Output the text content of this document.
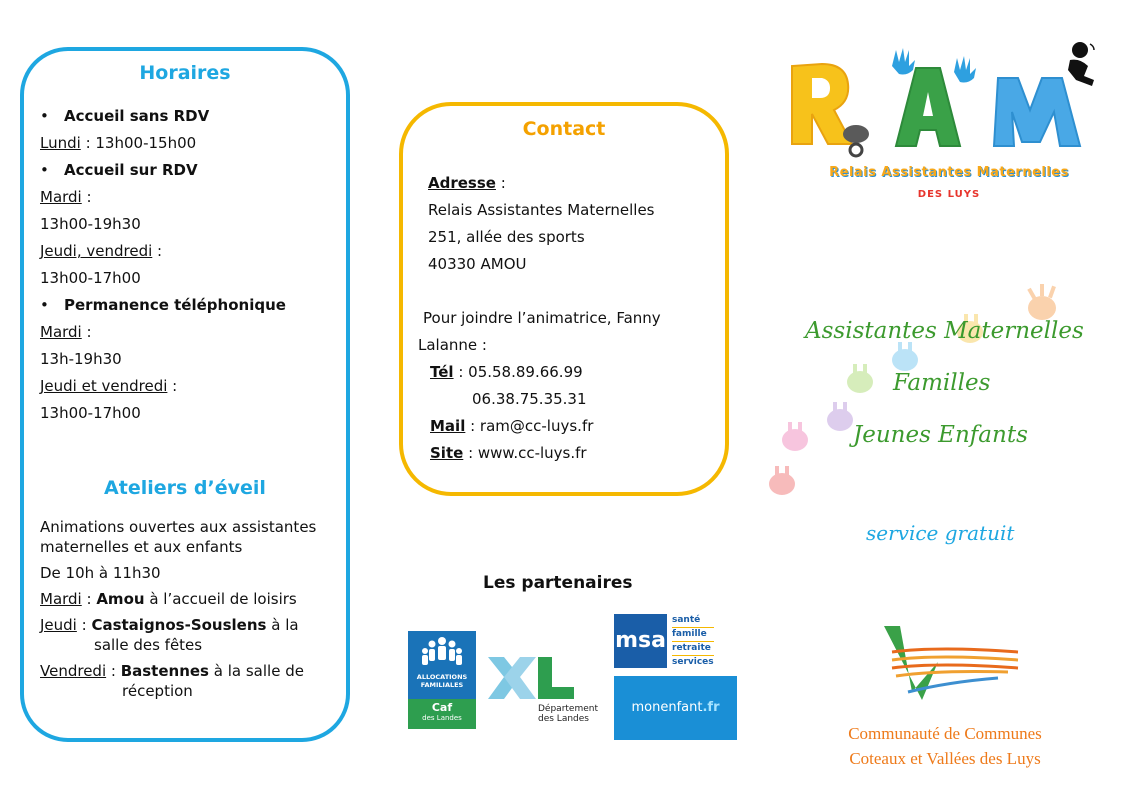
Horaires
• Accueil sans RDV
Lundi : 13h00-15h00
• Accueil sur RDV
Mardi :
13h00-19h30
Jeudi, vendredi :
13h00-17h00
• Permanence téléphonique
Mardi :
13h-19h30
Jeudi et vendredi :
13h00-17h00
Ateliers d’éveil
Animations ouvertes aux assistantes maternelles et aux enfants
De 10h à 11h30
Mardi : Amou à l’accueil de loisirs
Jeudi : Castaignos-Souslens à la
salle des fêtes
Vendredi : Bastennes à la salle de
réception
Contact
Adresse :
Relais Assistantes Maternelles
251, allée des sports
40330 AMOU
Pour joindre l’animatrice, Fanny
Lalanne :
Tél : 05.58.89.66.99
06.38.75.35.31
Mail : ram@cc-luys.fr
Site : www.cc-luys.fr
Les partenaires
ALLOCATIONS
FAMILIALES
Caf
des Landes
Département
des Landes
msa
santé
famille
retraite
services
monenfant.fr
Relais Assistantes Maternelles
DES LUYS
Assistantes Maternelles
Familles
Jeunes Enfants
service gratuit
Communauté de Communes
Coteaux et Vallées des Luys
